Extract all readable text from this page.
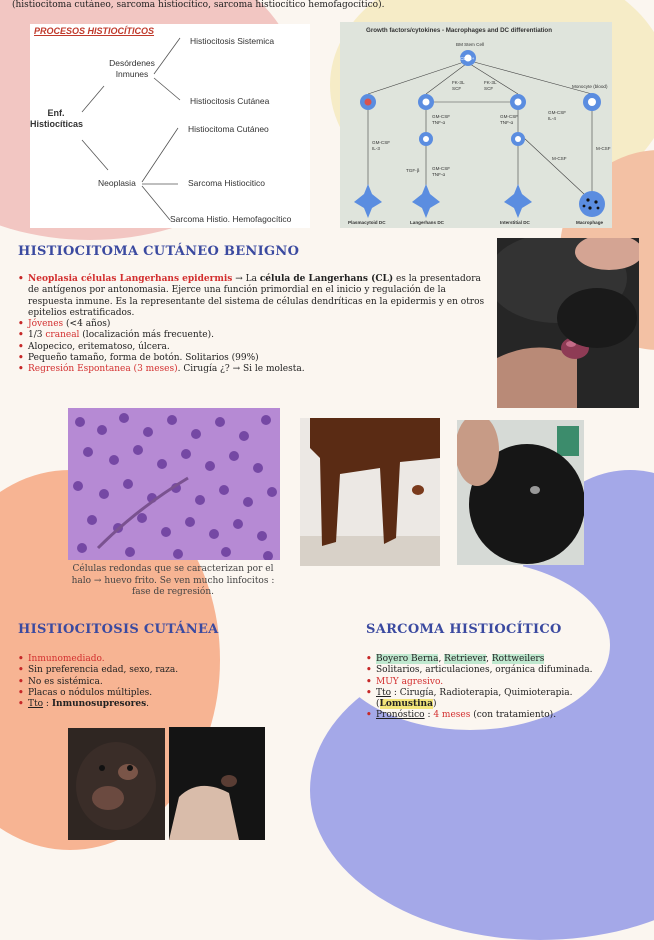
(histiocitoma cutáneo, sarcoma histiocítico, sarcoma histiocítico hemofagocítico).
PROCESOS HISTIOCÍTICOS
Enf.
Histiocíticas
Desórdenes
Inmunes
Neoplasia
Histiocitosis Sistemica
Histiocitosis Cutánea
Histiocitoma Cutáneo
Sarcoma Histiocitico
Sarcoma Histio. Hemofagocítico
Growth factors/cytokines - Macrophages and DC differentiation
BM Stem Cell
CD34+
Monocyte (blood)
FK-3L
SCF
FK-3L
SCF
GM-CSF
IL-3
GM-CSF
TNF-α
GM-CSF
TNF-α
GM-CSF
IL-4
M-CSF
TGF-β	GM-CSF
TNF-α
M-CSF
Plasmacytoid DC	Langerhans DC	Interstitial DC	Macrophage
HISTIOCITOMA CUTÁNEO BENIGNO
• Neoplasia células Langerhans epidermis → La célula de Langerhans (CL) es la presentadora de antígenos por antonomasia. Ejerce una función primordial en el inicio y regulación de la respuesta inmune. Es la representante del sistema de células dendríticas en la epidermis y en otros epitelios estratificados.
• Jóvenes (<4 años)
• 1/3 craneal (localización más frecuente).
• Alopecico, eritematoso, úlcera.
• Pequeño tamaño, forma de botón. Solitarios (99%)
• Regresión Espontanea (3 meses). Cirugía ¿? → Si le molesta.
Células redondas que se caracterizan por el halo → huevo frito. Se ven mucho linfocitos : fase de regresión.
HISTIOCITOSIS CUTÁNEA
• Inmunomediado.
• Sin preferencia edad, sexo, raza.
• No es sistémica.
• Placas o nódulos múltiples.
• Tto : Inmunosupresores.
SARCOMA HISTIOCÍTICO
• Boyero Berna, Retriever, Rottweilers
• Solitarios, articulaciones, orgánica difuminada.
• MUY agresivo.
• Tto : Cirugía, Radioterapia, Quimioterapia.
(Lomustina)
• Pronóstico : 4 meses (con tratamiento).
